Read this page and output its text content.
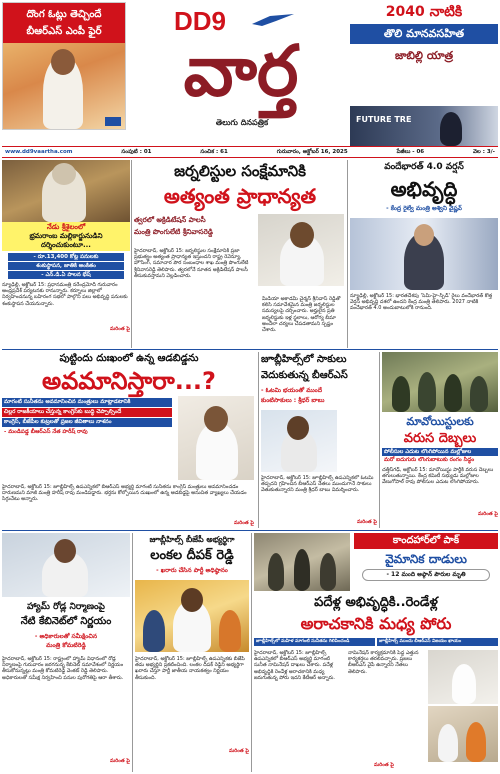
దొంగ ఓట్లు తెచ్చిందే
బీఆర్ఎస్ ఎంపీ ఫైర్	DD9
వార్త
తెలుగు దినపత్రిక
2040 నాటికి
తొలి మానవసహిత
జాబిల్లి యాత్ర
FUTURE TRE
www.dd9vaartha.com	సంపుటి : 01	సంచిక : 61	గురువారం, అక్టోబర్ 16, 2025	పేజీలు - 06	వెల : 3/-
నేడు శ్రీశైలంలో
భ్రమరాంబ మల్లికార్జునుడిని
దర్శించుకుంటూ...
- రూ.13,400 కోట్ల పనులకు
శంకుస్థాపన, జాతికి అంకితం
- ఎన్.డి.ఏ పాలన భేష్
న్యూఢిల్లీ, అక్టోబర్ 15: ప్రధానమంత్రి నరేంద్రమోదీ గురువారం ఆంధ్రప్రదేశ్ పర్యటనకు రానున్నారు. కర్నూలు జిల్లాలో నిర్వహించనున్న బహిరంగ సభలో పాల్గొని పలు అభివృద్ధి పనులకు శంకుస్థాపన చేయనున్నారు.
మరింత పై
జర్నలిస్టుల సంక్షేమానికి
అత్యంత ప్రాధాన్యత
త్వరలో అక్రిడిటేషన్ పాలసీ
మంత్రి పొంగులేటి శ్రీనివాసరెడ్డి
హైదరాబాద్, అక్టోబర్ 15: జర్నలిస్టుల సంక్షేమానికి ప్రజా ప్రభుత్వం అత్యంత ప్రాధాన్యత ఇస్తుందని రాష్ట్ర రెవెన్యూ, హౌసింగ్, సమాచార పౌర సంబంధాల శాఖ మంత్రి పొంగులేటి శ్రీనివాసరెడ్డి తెలిపారు. త్వరలోనే నూతన అక్రిడిటేషన్ పాలసీ తీసుకువస్తామని వెల్లడించారు.
మీడియా అకాడమీ చైర్మన్ శ్రీనివాస్ రెడ్డితో కలిసి సమావేశమైన మంత్రి జర్నలిస్టుల సమస్యలపై చర్చించారు. అర్హులైన ప్రతి జర్నలిస్టుకు ఇళ్ల స్థలాలు, ఆరోగ్య బీమా అందేలా చర్యలు చేపడతామని స్పష్టం చేశారు.
వందేభారత్ 4.0 వర్షన్
అభివృద్ధి
- కేంద్ర రైల్వే మంత్రి అశ్విని వైష్ణవ్
న్యూఢిల్లీ, అక్టోబర్ 15: భారతదేశపు 'సెమీ-హై-స్పీడ్' రైలు వందేభారత్ కొత్త వెర్షన్ అభివృద్ధి దశలో ఉందని కేంద్ర మంత్రి తెలిపారు. 2027 నాటికి వందేభారత్ 4.0 అందుబాటులోకి రానుంది.
పుట్టిందు దుఃఖంలో ఉన్న ఆడబిడ్డను
అవమానిస్తారా...?
మాగంటి సునీతను అవమానించిన మంత్రులు మాట్లాడటానికి
చిల్లర రాజకీయాలు చేస్తున్న కాంగ్రెస్‌కు బుద్ధి చెప్పాల్సిందే
కాంగ్రెస్, బీజేపీల కుట్రలతో ప్రజల జీవితాలు నాశనం
- మండిపడ్డ బీఆర్ఎస్ నేత హరీష్ రావు
హైదరాబాద్, అక్టోబర్ 15: జూబ్లీహిల్స్ ఉపఎన్నికలో బీఆర్ఎస్ అభ్యర్థి మాగంటి సునీతను కాంగ్రెస్ మంత్రులు అవమానించడం దారుణమని మాజీ మంత్రి హరీష్ రావు మండిపడ్డారు. భర్తను కోల్పోయిన దుఃఖంలో ఉన్న ఆడబిడ్డపై అనుచిత వ్యాఖ్యలు చేయడం సిగ్గుచేటు అన్నారు.
మరింత పై
జూబ్లీహిల్స్‌లో సాకులు
వెదుకుతున్న బీఆర్ఎస్
- ఓటమి భయంతో ముందే
కుంటిసాకులు : శ్రీధర్ బాబు
హైదరాబాద్, అక్టోబర్ 15: జూబ్లీహిల్స్ ఉపఎన్నికలో ఓటమి తప్పదని గ్రహించిన బీఆర్ఎస్ నేతలు ముందుగానే సాకులు వెతుకుతున్నారని మంత్రి శ్రీధర్ బాబు విమర్శించారు.
మరింత పై
మావోయిస్టులకు
వరుస దెబ్బలు
పోలీసుల ఎదుట లొంగిపోయిన మల్లోజుల
మరో ఐదుగురు లొంగుబాటుకు రంగం సిద్ధం
చత్తీస్‌గఢ్, అక్టోబర్ 15: మావోయిస్టు పార్టీకి వరుస దెబ్బలు తగులుతున్నాయి. కేంద్ర కమిటీ సభ్యుడు మల్లోజుల వేణుగోపాల్ రావు పోలీసుల ఎదుట లొంగిపోయారు.
మరింత పై
హ్యామ్ రోడ్ల నిర్మాణంపై
నేటి కేబినెట్‌లో నిర్ణయం
- అధికారులతో సమీక్షించిన
మంత్రి కోమటిరెడ్డి
హైదరాబాద్, అక్టోబర్ 15: రాష్ట్రంలో హ్యామ్ విధానంలో రోడ్ల నిర్మాణంపై గురువారం జరగనున్న కేబినెట్ సమావేశంలో నిర్ణయం తీసుకోనున్నట్లు మంత్రి కోమటిరెడ్డి వెంకట్ రెడ్డి తెలిపారు. అధికారులతో సమీక్ష నిర్వహించి పనుల పురోగతిపై ఆరా తీశారు.
మరింత పై
జూబ్లీహిల్స్ బీజేపీ అభ్యర్థిగా
లంకల దీపక్ రెడ్డి
- ఖరారు చేసిన పార్టీ అధిష్ఠానం
హైదరాబాద్, అక్టోబర్ 15: జూబ్లీహిల్స్ ఉపఎన్నికకు బీజేపీ తమ అభ్యర్థిని ప్రకటించింది. లంకల దీపక్ రెడ్డిని అభ్యర్థిగా ఖరారు చేస్తూ పార్టీ జాతీయ నాయకత్వం నిర్ణయం తీసుకుంది.
మరింత పై
కాందహార్‌లో పాక్
వైమానిక దాడులు
- 12 మంది అఫ్గాన్ పౌరుల మృతి
పదేళ్ల అభివృద్ధికి..రెండేళ్ల
అరాచకానికి మధ్య పోరు
జూబ్లీహిల్స్‌లో మహిళ మాగంటి సునీతను గెలిపించండి	జూబ్లీహిల్స్ ముందు బీఆర్ఎస్ విజయం ఖాయం
హైదరాబాద్, అక్టోబర్ 15: జూబ్లీహిల్స్ ఉపఎన్నికలో బీఆర్ఎస్ అభ్యర్థి మాగంటి సునీత నామినేషన్ దాఖలు చేశారు. పదేళ్ల అభివృద్ధికి రెండేళ్ల అరాచకానికి మధ్య జరుగుతున్న పోరు ఇదని కేటీఆర్ అన్నారు.
నామినేషన్ కార్యక్రమానికి పెద్ద ఎత్తున కార్యకర్తలు తరలివచ్చారు. ప్రజలు బీఆర్ఎస్ వైపే ఉన్నారని నేతలు తెలిపారు.
మరింత పై
